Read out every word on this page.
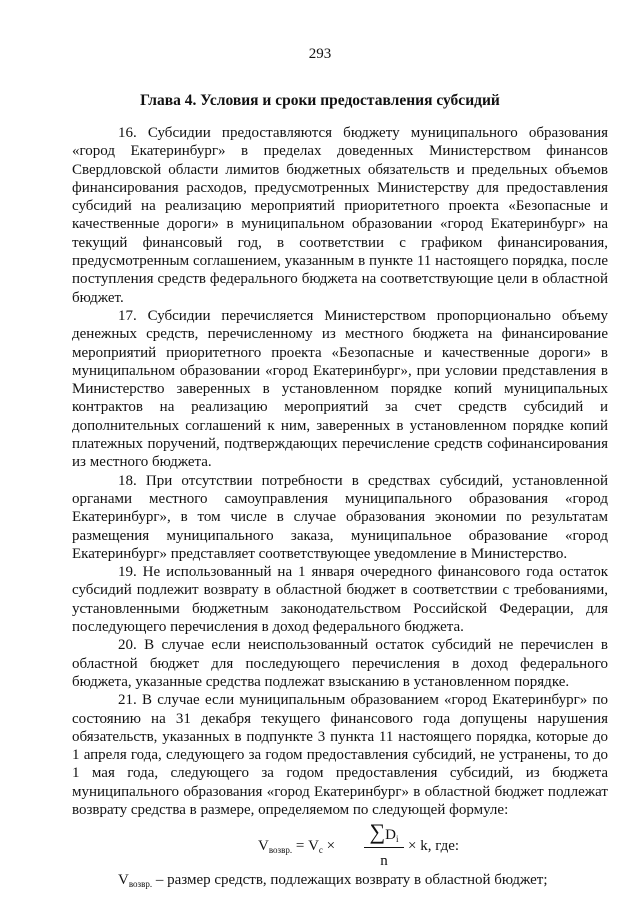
293
Глава 4. Условия и сроки предоставления субсидий

16. Субсидии предоставляются бюджету муниципального образования «город Екатеринбург» в пределах доведенных Министерством финансов Свердловской области лимитов бюджетных обязательств и предельных объемов финансирования расходов, предусмотренных Министерству для предоставления субсидий на реализацию мероприятий приоритетного проекта «Безопасные и качественные дороги» в муниципальном образовании «город Екатеринбург» на текущий финансовый год, в соответствии с графиком финансирования, предусмотренным соглашением, указанным в пункте 11 настоящего порядка, после поступления средств федерального бюджета на соответствующие цели в областной бюджет.

17. Субсидии перечисляется Министерством пропорционально объему денежных средств, перечисленному из местного бюджета на финансирование мероприятий приоритетного проекта «Безопасные и качественные дороги» в муниципальном образовании «город Екатеринбург», при условии представления в Министерство заверенных в установленном порядке копий муниципальных контрактов на реализацию мероприятий за счет средств субсидий и дополнительных соглашений к ним, заверенных в установленном порядке копий платежных поручений, подтверждающих перечисление средств софинансирования из местного бюджета.

18. При отсутствии потребности в средствах субсидий, установленной органами местного самоуправления муниципального образования «город Екатеринбург», в том числе в случае образования экономии по результатам размещения муниципального заказа, муниципальное образование «город Екатеринбург» представляет соответствующее уведомление в Министерство.

19. Не использованный на 1 января очередного финансового года остаток субсидий подлежит возврату в областной бюджет в соответствии с требованиями, установленными бюджетным законодательством Российской Федерации, для последующего перечисления в доход федерального бюджета.

20. В случае если неиспользованный остаток субсидий не перечислен в областной бюджет для последующего перечисления в доход федерального бюджета, указанные средства подлежат взысканию в установленном порядке.

21. В случае если муниципальным образованием «город Екатеринбург» по состоянию на 31 декабря текущего финансового года допущены нарушения обязательств, указанных в подпункте 3 пункта 11 настоящего порядка, которые до 1 апреля года, следующего за годом предоставления субсидий, не устранены, то до 1 мая года, следующего за годом предоставления субсидий, из бюджета муниципального образования «город Екатеринбург» в областной бюджет подлежат возврату средства в размере, определяемом по следующей формуле:

$V_{возвр.} = V_с$ ×
$\sum D_i$
n
× k, где:

$V_{возвр.}$ – размер средств, подлежащих возврату в областной бюджет;
